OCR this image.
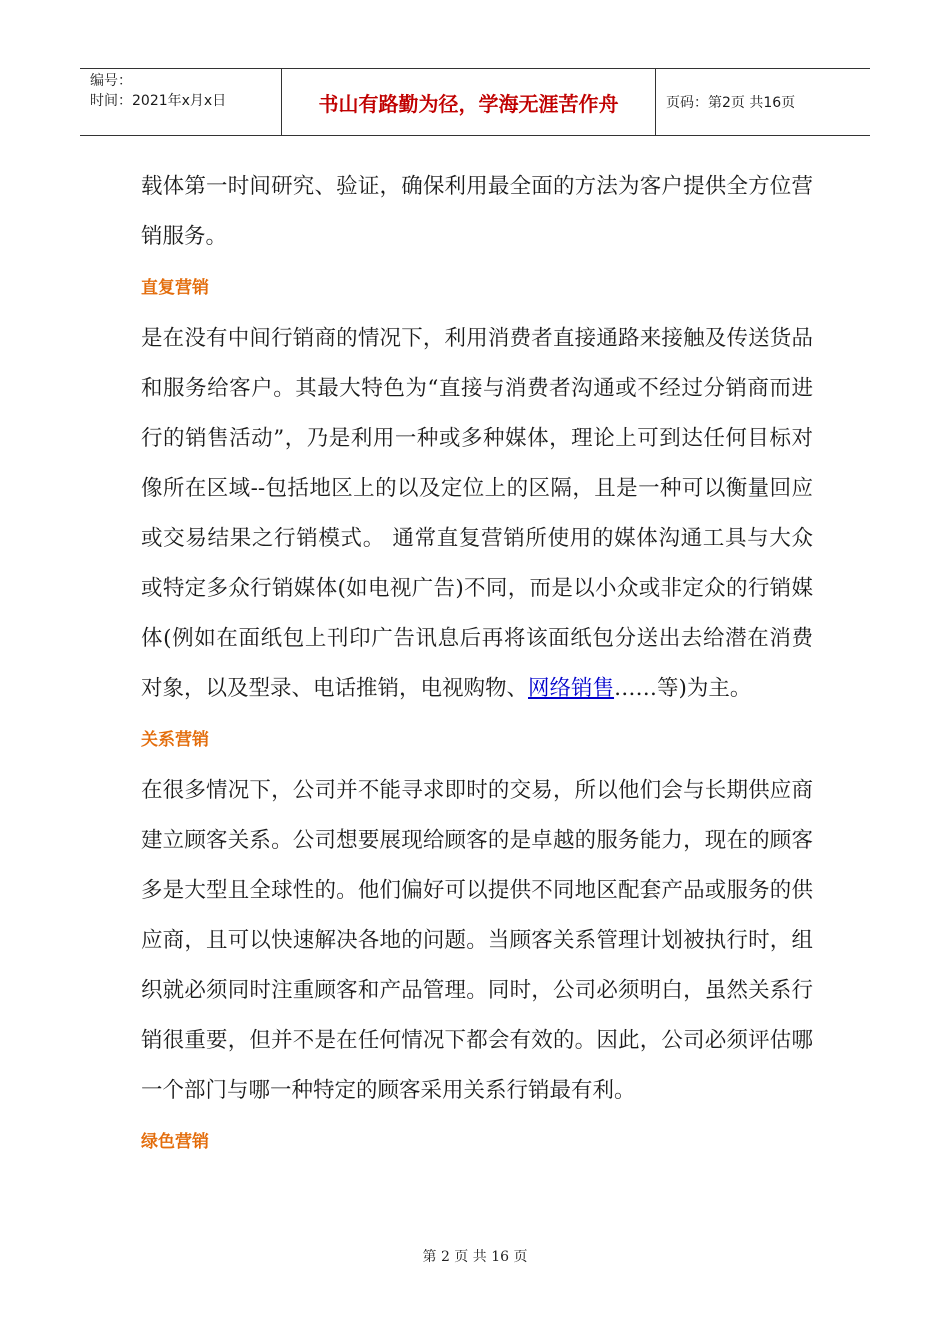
编号：
时间：2021年x月x日	书山有路勤为径，学海无涯苦作舟	页码：第2页 共16页

载体第一时间研究、验证，确保利用最全面的方法为客户提供全方位营销服务。

直复营销

是在没有中间行销商的情况下，利用消费者直接通路来接触及传送货品和服务给客户。其最大特色为“直接与消费者沟通或不经过分销商而进行的销售活动”，乃是利用一种或多种媒体，理论上可到达任何目标对像所在区域--包括地区上的以及定位上的区隔，且是一种可以衡量回应或交易结果之行销模式。 通常直复营销所使用的媒体沟通工具与大众或特定多众行销媒体(如电视广告)不同，而是以小众或非定众的行销媒体(例如在面纸包上刊印广告讯息后再将该面纸包分送出去给潜在消费对象，以及型录、电话推销，电视购物、网络销售……等)为主。

关系营销

在很多情况下，公司并不能寻求即时的交易，所以他们会与长期供应商建立顾客关系。公司想要展现给顾客的是卓越的服务能力，现在的顾客多是大型且全球性的。他们偏好可以提供不同地区配套产品或服务的供应商，且可以快速解决各地的问题。当顾客关系管理计划被执行时，组织就必须同时注重顾客和产品管理。同时，公司必须明白，虽然关系行销很重要，但并不是在任何情况下都会有效的。因此，公司必须评估哪一个部门与哪一种特定的顾客采用关系行销最有利。

绿色营销

第 2 页 共 16 页
